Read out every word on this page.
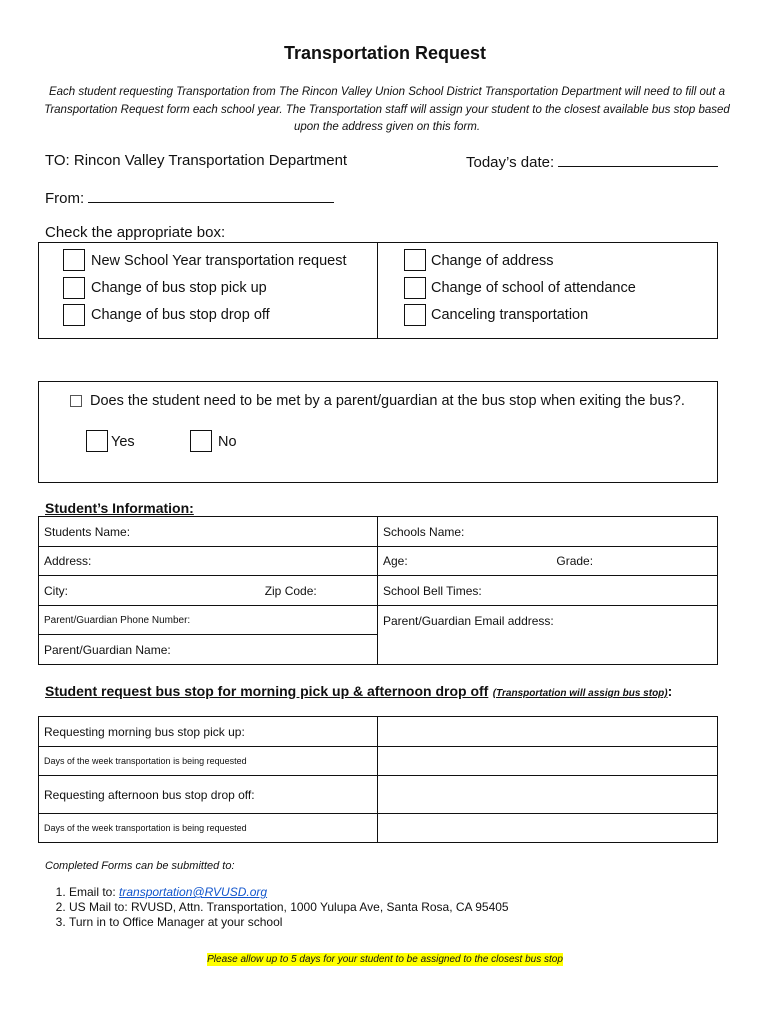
Transportation Request
Each student requesting Transportation from The Rincon Valley Union School District Transportation Department will need to fill out a Transportation Request form each school year. The Transportation staff will assign your student to the closest available bus stop based upon the address given on this form.
TO: Rincon Valley Transportation Department	Today’s date:
From:
Check the appropriate box:
New School Year transportation request
Change of bus stop pick up
Change of bus stop drop off
Change of address
Change of school of attendance
Canceling transportation
Does the student need to be met by a parent/guardian at the bus stop when exiting the bus?.
Yes	No
Student’s Information:
Students Name:	Schools Name:
Address:	Age: Grade:
City: Zip Code:	School Bell Times:
Parent/Guardian Phone Number:	Parent/Guardian Email address:
Parent/Guardian Name:	
Student request bus stop for morning pick up & afternoon drop off (Transportation will assign bus stop):
Requesting morning bus stop pick up:	
Days of the week transportation is being requested	
Requesting afternoon bus stop drop off:	
Days of the week transportation is being requested	
Completed Forms can be submitted to:
1. Email to: transportation@RVUSD.org
2. US Mail to: RVUSD, Attn. Transportation, 1000 Yulupa Ave, Santa Rosa, CA 95405
3. Turn in to Office Manager at your school
Please allow up to 5 days for your student to be assigned to the closest bus stop
